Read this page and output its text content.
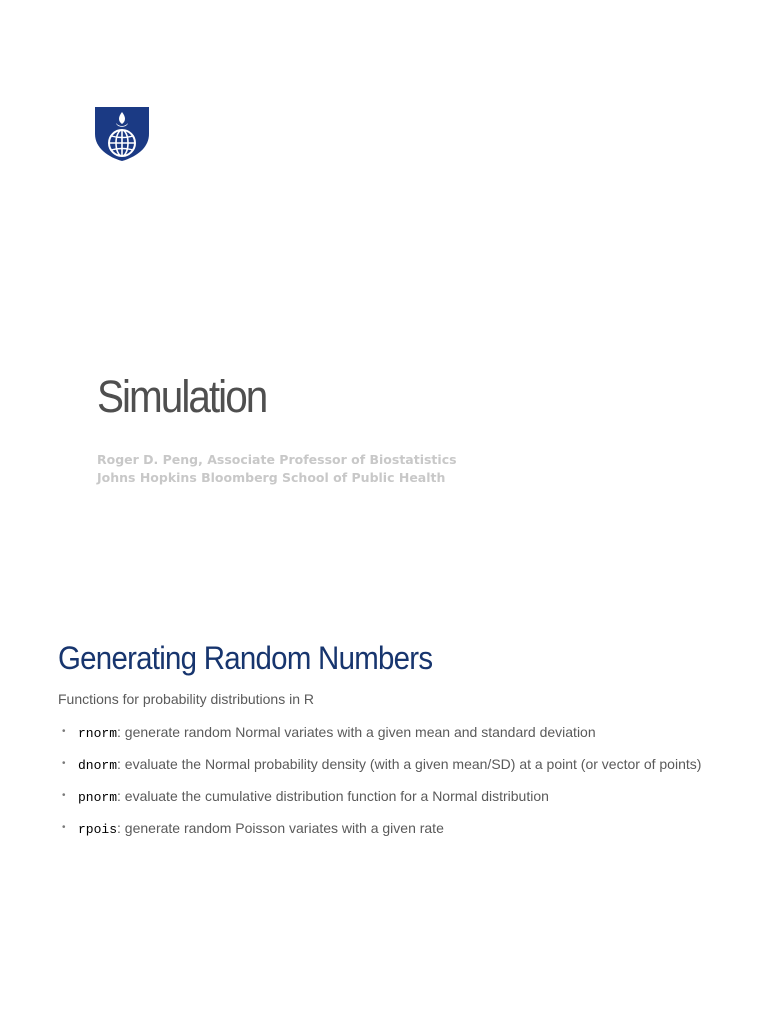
Simulation
Roger D. Peng, Associate Professor of Biostatistics
Johns Hopkins Bloomberg School of Public Health
Generating Random Numbers
Functions for probability distributions in R
• rnorm: generate random Normal variates with a given mean and standard deviation
• dnorm: evaluate the Normal probability density (with a given mean/SD) at a point (or vector of points)
• pnorm: evaluate the cumulative distribution function for a Normal distribution
• rpois: generate random Poisson variates with a given rate
